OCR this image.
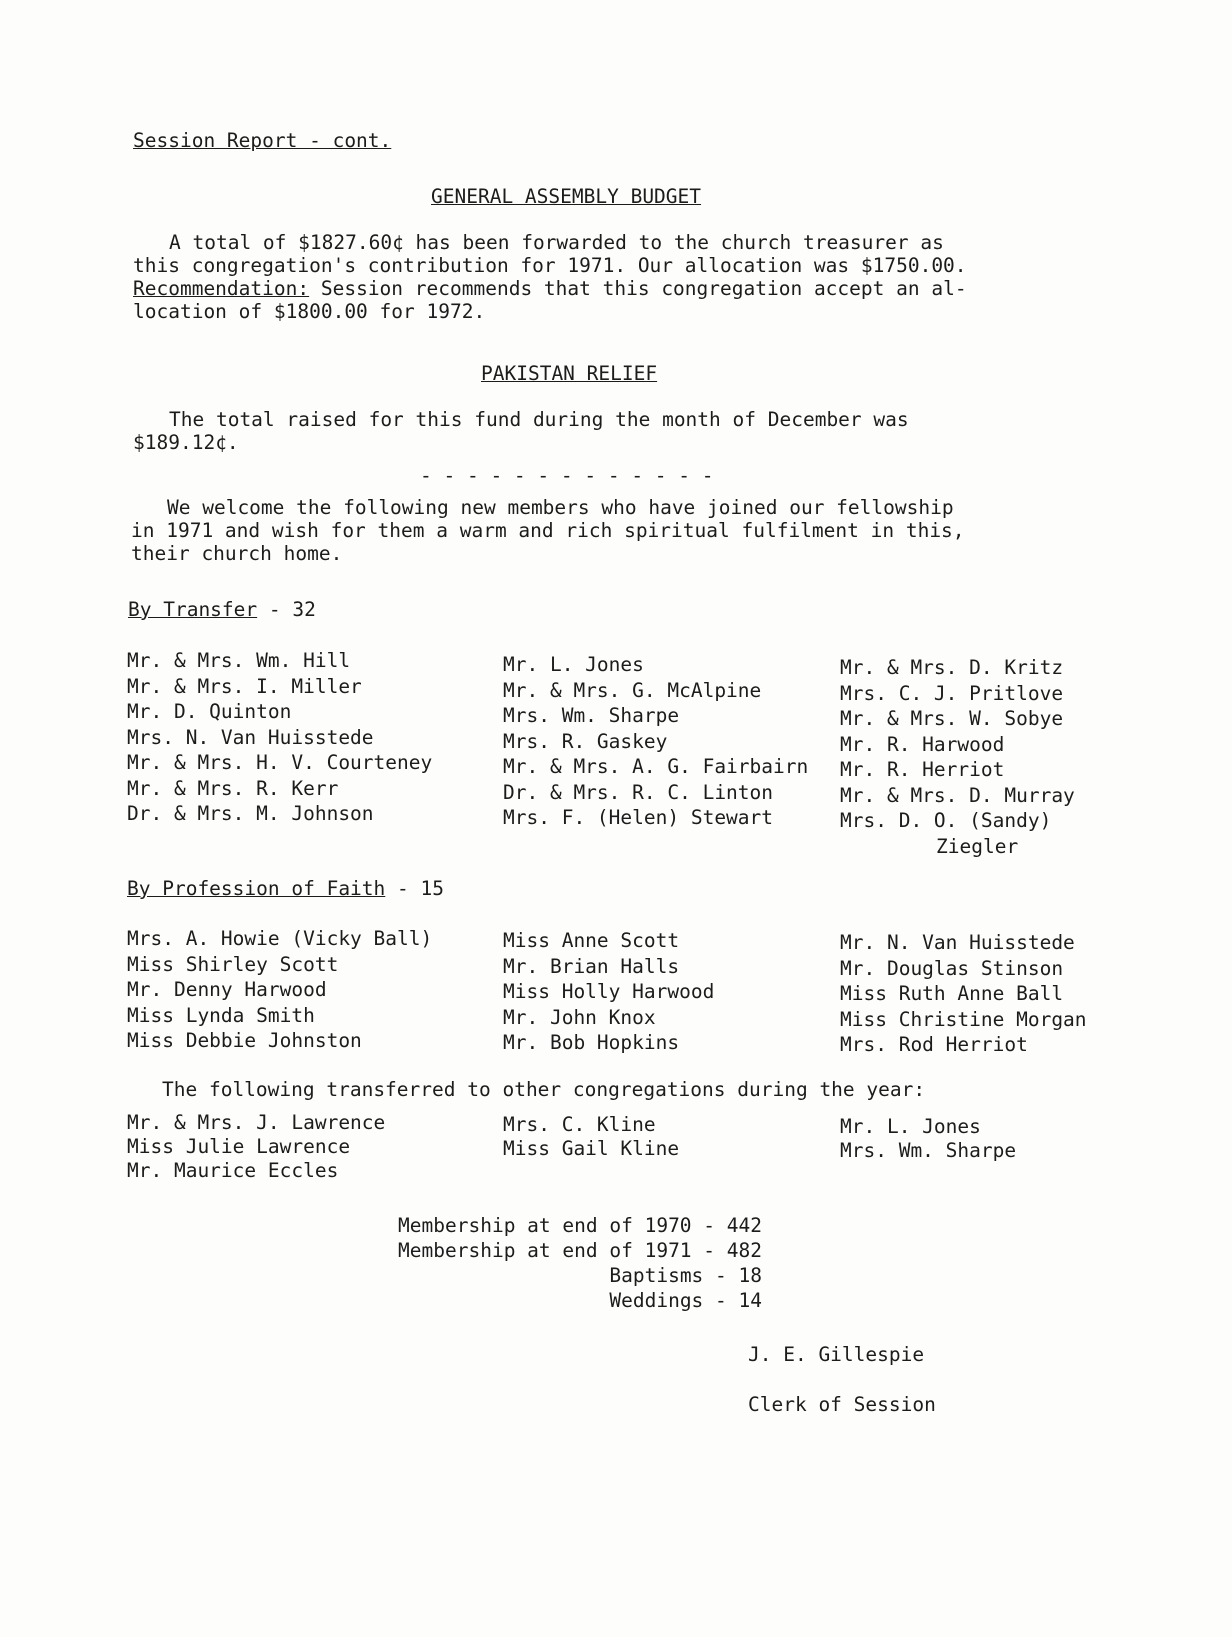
Session Report - cont.
GENERAL ASSEMBLY BUDGET
A total of $1827.60¢ has been forwarded to the church treasurer as
this congregation's contribution for 1971. Our allocation was $1750.00.
Recommendation: Session recommends that this congregation accept an al-
location of $1800.00 for 1972.
PAKISTAN RELIEF
The total raised for this fund during the month of December was
$189.12¢.
- - - - - - - - - - - - -
We welcome the following new members who have joined our fellowship
in 1971 and wish for them a warm and rich spiritual fulfilment in this,
their church home.
By Transfer - 32
Mr. & Mrs. Wm. Hill
Mr. & Mrs. I. Miller
Mr. D. Quinton
Mrs. N. Van Huisstede
Mr. & Mrs. H. V. Courteney
Mr. & Mrs. R. Kerr
Dr. & Mrs. M. Johnson
Mr. L. Jones
Mr. & Mrs. G. McAlpine
Mrs. Wm. Sharpe
Mrs. R. Gaskey
Mr. & Mrs. A. G. Fairbairn
Dr. & Mrs. R. C. Linton
Mrs. F. (Helen) Stewart
Mr. & Mrs. D. Kritz
Mrs. C. J. Pritlove
Mr. & Mrs. W. Sobye
Mr. R. Harwood
Mr. R. Herriot
Mr. & Mrs. D. Murray
Mrs. D. O. (Sandy)
Ziegler
By Profession of Faith - 15
Mrs. A. Howie (Vicky Ball)
Miss Shirley Scott
Mr. Denny Harwood
Miss Lynda Smith
Miss Debbie Johnston
Miss Anne Scott
Mr. Brian Halls
Miss Holly Harwood
Mr. John Knox
Mr. Bob Hopkins
Mr. N. Van Huisstede
Mr. Douglas Stinson
Miss Ruth Anne Ball
Miss Christine Morgan
Mrs. Rod Herriot
The following transferred to other congregations during the year:
Mr. & Mrs. J. Lawrence
Miss Julie Lawrence
Mr. Maurice Eccles
Mrs. C. Kline
Miss Gail Kline
Mr. L. Jones
Mrs. Wm. Sharpe
Membership at end of 1970 - 442
Membership at end of 1971 - 482
Baptisms - 18
Weddings - 14
J. E. Gillespie
Clerk of Session
